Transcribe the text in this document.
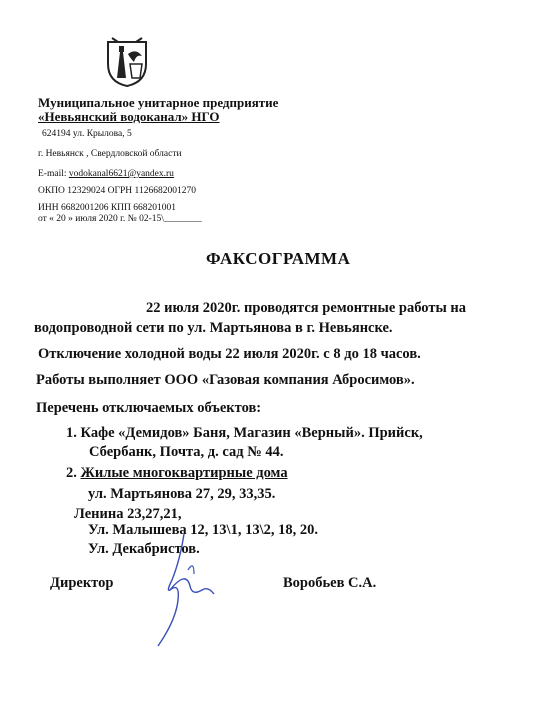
Муниципальное унитарное предприятие
«Невьянский водоканал» НГО
624194 ул. Крылова, 5
г. Невьянск , Свердловской области
E-mail: vodokanal6621@yandex.ru
ОКПО 12329024 ОГРН 1126682001270
ИНН 6682001206 КПП 668201001
от « 20 » июля 2020 г. № 02-15\________
ФАКСОГРАММА
22 июля 2020г. проводятся ремонтные работы на
водопроводной сети по ул. Мартьянова в г. Невьянске.
Отключение холодной воды 22 июля 2020г. с 8 до 18 часов.
Работы выполняет ООО «Газовая компания Абросимов».
Перечень отключаемых объектов:
1. Кафе «Демидов» Баня, Магазин «Верный». Прийск,
Сбербанк, Почта, д. сад № 44.
2. Жилые многоквартирные дома
ул. Мартьянова 27, 29, 33,35.
Ленина 23,27,21,
Ул. Малышева 12, 13\1, 13\2, 18, 20.
Ул. Декабристов.
Директор	Воробьев С.А.
